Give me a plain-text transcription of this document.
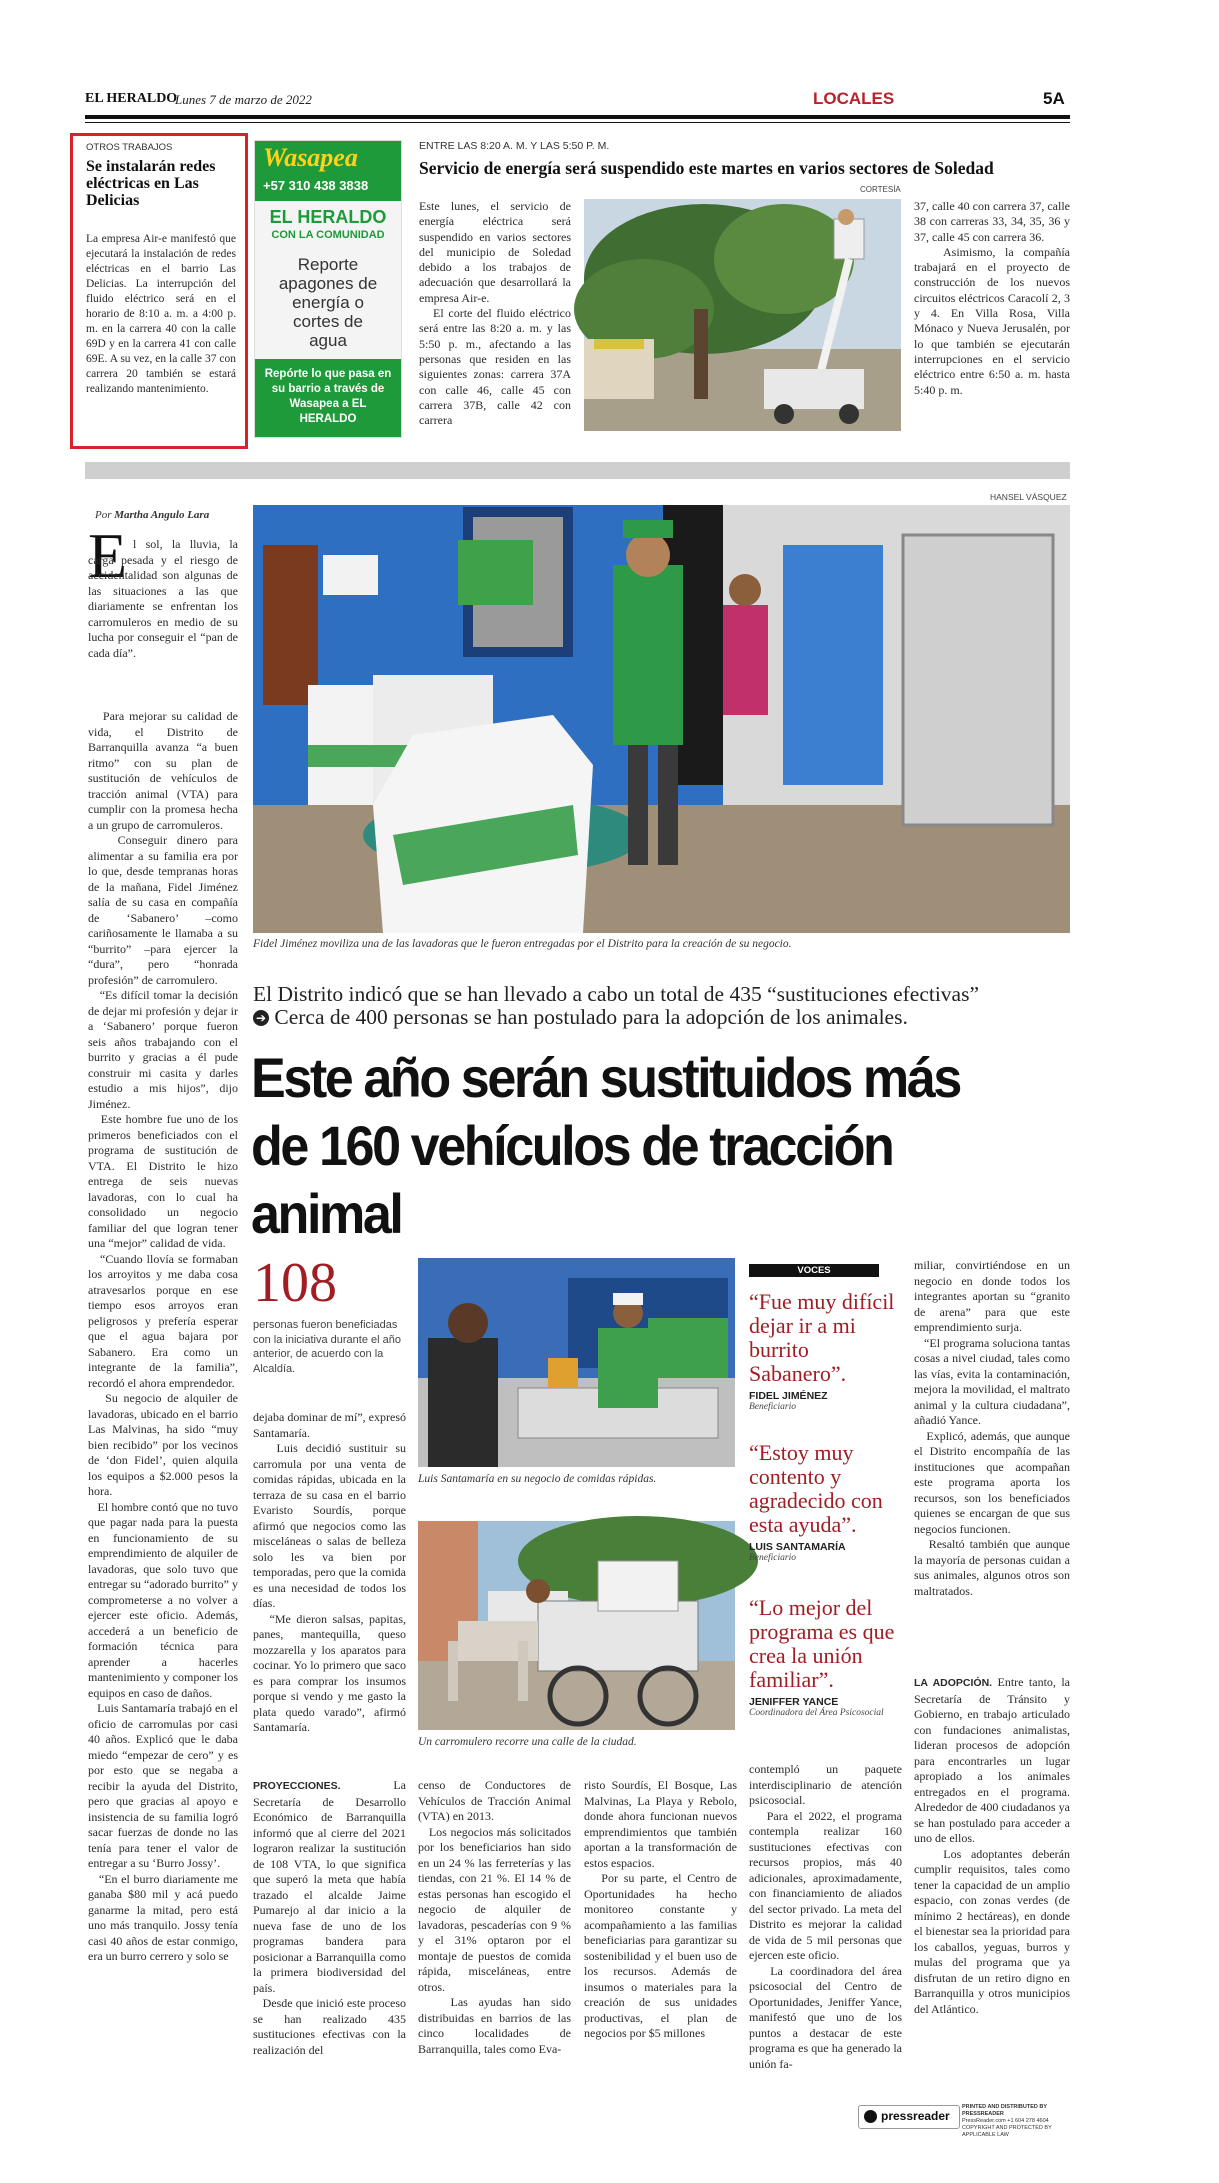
EL HERALDO
Lunes 7 de marzo de 2022	LOCALES	5A
OTROS TRABAJOS
Se instalarán redes eléctricas en Las Delicias
La empresa Air-e manifestó que ejecutará la instalación de redes eléctricas en el barrio Las Delicias. La interrupción del fluido eléctrico será en el horario de 8:10 a. m. a 4:00 p. m. en la carrera 40 con la calle 69D y en la carrera 41 con calle 69E. A su vez, en la calle 37 con carrera 20 también se estará realizando mantenimiento.
Wasapea
+57 310 438 3838
EL HERALDO
CON LA COMUNIDAD
Reporte apagones de energía o cortes de agua
Repórte lo que pasa en su barrio a través de Wasapea a EL HERALDO
ENTRE LAS 8:20 A. M. Y LAS 5:50 P. M.
Servicio de energía será suspendido este martes en varios sectores de Soledad
CORTESÍA
Este lunes, el servicio de energía eléctrica será suspendido en varios sectores del municipio de Soledad debido a los trabajos de adecuación que desarrollará la empresa Air-e.
El corte del fluido eléctrico será entre las 8:20 a. m. y las 5:50 p. m., afectando a las personas que residen en las siguientes zonas: carrera 37A con calle 46, calle 45 con carrera 37B, calle 42 con carrera
37, calle 40 con carrera 37, calle 38 con carreras 33, 34, 35, 36 y 37, calle 45 con carrera 36.
Asimismo, la compañía trabajará en el proyecto de construcción de los nuevos circuitos eléctricos Caracolí 2, 3 y 4. En Villa Rosa, Villa Mónaco y Nueva Jerusalén, por lo que también se ejecutarán interrupciones en el servicio eléctrico entre 6:50 a. m. hasta 5:40 p. m.
HANSEL VÁSQUEZ
Por Martha Angulo Lara
Fidel Jiménez moviliza una de las lavadoras que le fueron entregadas por el Distrito para la creación de su negocio.
E l sol, la lluvia, la carga pesada y el riesgo de accidentalidad son algunas de las situaciones a las que diariamente se enfrentan los carromuleros en medio de su lucha por conseguir el “pan de cada día”.
Para mejorar su calidad de vida, el Distrito de Barranquilla avanza “a buen ritmo” con su plan de sustitución de vehículos de tracción animal (VTA) para cumplir con la promesa hecha a un grupo de carromuleros.
Conseguir dinero para alimentar a su familia era por lo que, desde tempranas horas de la mañana, Fidel Jiménez salía de su casa en compañía de ‘Sabanero’ –como cariñosamente le llamaba a su “burrito” –para ejercer la “dura”, pero “honrada profesión” de carromulero.
“Es difícil tomar la decisión de dejar mi profesión y dejar ir a ‘Sabanero’ porque fueron seis años trabajando con el burrito y gracias a él pude construir mi casita y darles estudio a mis hijos”, dijo Jiménez.
Este hombre fue uno de los primeros beneficiados con el programa de sustitución de VTA. El Distrito le hizo entrega de seis nuevas lavadoras, con lo cual ha consolidado un negocio familiar del que logran tener una “mejor” calidad de vida.
“Cuando llovía se formaban los arroyitos y me daba cosa atravesarlos porque en ese tiempo esos arroyos eran peligrosos y prefería esperar que el agua bajara por Sabanero. Era como un integrante de la familia”, recordó el ahora emprendedor.
Su negocio de alquiler de lavadoras, ubicado en el barrio Las Malvinas, ha sido “muy bien recibido” por los vecinos de ‘don Fidel’, quien alquila los equipos a $2.000 pesos la hora.
El hombre contó que no tuvo que pagar nada para la puesta en funcionamiento de su emprendimiento de alquiler de lavadoras, que solo tuvo que entregar su “adorado burrito” y comprometerse a no volver a ejercer este oficio. Además, accederá a un beneficio de formación técnica para aprender a hacerles mantenimiento y componer los equipos en caso de daños.
Luis Santamaría trabajó en el oficio de carromulas por casi 40 años. Explicó que le daba miedo “empezar de cero” y es por esto que se negaba a recibir la ayuda del Distrito, pero que gracias al apoyo e insistencia de su familia logró sacar fuerzas de donde no las tenía para tener el valor de entregar a su ‘Burro Jossy’.
“En el burro diariamente me ganaba $80 mil y acá puedo ganarme la mitad, pero está uno más tranquilo. Jossy tenía casi 40 años de estar conmigo, era un burro cerrero y solo se
El Distrito indicó que se han llevado a cabo un total de 435 “sustituciones efectivas”
➔ Cerca de 400 personas se han postulado para la adopción de los animales.
Este año serán sustituidos más de 160 vehículos de tracción animal
108
personas fueron beneficiadas con la iniciativa durante el año anterior, de acuerdo con la Alcaldía.
dejaba dominar de mí”, expresó Santamaría.
Luis decidió sustituir su carromula por una venta de comidas rápidas, ubicada en la terraza de su casa en el barrio Evaristo Sourdís, porque afirmó que negocios como las misceláneas o salas de belleza solo les va bien por temporadas, pero que la comida es una necesidad de todos los días.
“Me dieron salsas, papitas, panes, mantequilla, queso mozzarella y los aparatos para cocinar. Yo lo primero que saco es para comprar los insumos porque si vendo y me gasto la plata quedo varado”, afirmó Santamaría.
Luis Santamaría en su negocio de comidas rápidas.
Un carromulero recorre una calle de la ciudad.
VOCES
“Fue muy difícil dejar ir a mi burrito Sabanero”.
FIDEL JIMÉNEZ
Beneficiario
“Estoy muy contento y agradecido con esta ayuda”.
LUIS SANTAMARÍA
Beneficiario
“Lo mejor del programa es que crea la unión familiar”.
JENIFFER YANCE
Coordinadora del Área Psicosocial
miliar, convirtiéndose en un negocio en donde todos los integrantes aportan su “granito de arena” para que este emprendimiento surja.
“El programa soluciona tantas cosas a nivel ciudad, tales como las vías, evita la contaminación, mejora la movilidad, el maltrato animal y la cultura ciudadana”, añadió Yance.
Explicó, además, que aunque el Distrito encompañía de las instituciones que acompañan este programa aporta los recursos, son los beneficiados quienes se encargan de que sus negocios funcionen.
Resaltó también que aunque la mayoría de personas cuidan a sus animales, algunos otros son maltratados.
LA ADOPCIÓN. Entre tanto, la Secretaría de Tránsito y Gobierno, en trabajo articulado con fundaciones animalistas, lideran procesos de adopción para encontrarles un lugar apropiado a los animales entregados en el programa. Alrededor de 400 ciudadanos ya se han postulado para acceder a uno de ellos.
Los adoptantes deberán cumplir requisitos, tales como tener la capacidad de un amplio espacio, con zonas verdes (de mínimo 2 hectáreas), en donde el bienestar sea la prioridad para los caballos, yeguas, burros y mulas del programa que ya disfrutan de un retiro digno en Barranquilla y otros municipios del Atlántico.
PROYECCIONES.	La Secretaría de Desarrollo Económico de Barranquilla informó que al cierre del 2021 lograron realizar la sustitución de 108 VTA, lo que significa que superó la meta que había trazado el alcalde Jaime Pumarejo al dar inicio a la nueva fase de uno de los programas bandera para posicionar a Barranquilla como la primera biodiversidad del país.
Desde que inició este proceso se han realizado 435 sustituciones efectivas con la realización del
censo de Conductores de Vehículos de Tracción Animal (VTA) en 2013.
Los negocios más solicitados por los beneficiarios han sido en un 24 % las ferreterías y las tiendas, con 21 %. El 14 % de estas personas han escogido el negocio de alquiler de lavadoras, pescaderías con 9 % y el 31% optaron por el montaje de puestos de comida rápida, misceláneas, entre otros.
Las ayudas han sido distribuidas en barrios de las cinco localidades de Barranquilla, tales como Eva-
risto Sourdís, El Bosque, Las Malvinas, La Playa y Rebolo, donde ahora funcionan nuevos emprendimientos que también aportan a la transformación de estos espacios.
Por su parte, el Centro de Oportunidades ha hecho monitoreo constante y acompañamiento a las familias beneficiarias para garantizar su sostenibilidad y el buen uso de los recursos. Además de insumos o materiales para la creación de sus unidades productivas, el plan de negocios por $5 millones
contempló un paquete interdisciplinario de atención psicosocial.
Para el 2022, el programa contempla realizar 160 sustituciones efectivas con recursos propios, más 40 adicionales, aproximadamente, con financiamiento de aliados del sector privado. La meta del Distrito es mejorar la calidad de vida de 5 mil personas que ejercen este oficio.
La coordinadora del área psicosocial del Centro de Oportunidades, Jeniffer Yance, manifestó que uno de los puntos a destacar de este programa es que ha generado la unión fa-
pressreader
PRINTED AND DISTRIBUTED BY PRESSREADER
PressReader.com +1 604 278 4604
COPYRIGHT AND PROTECTED BY APPLICABLE LAW
